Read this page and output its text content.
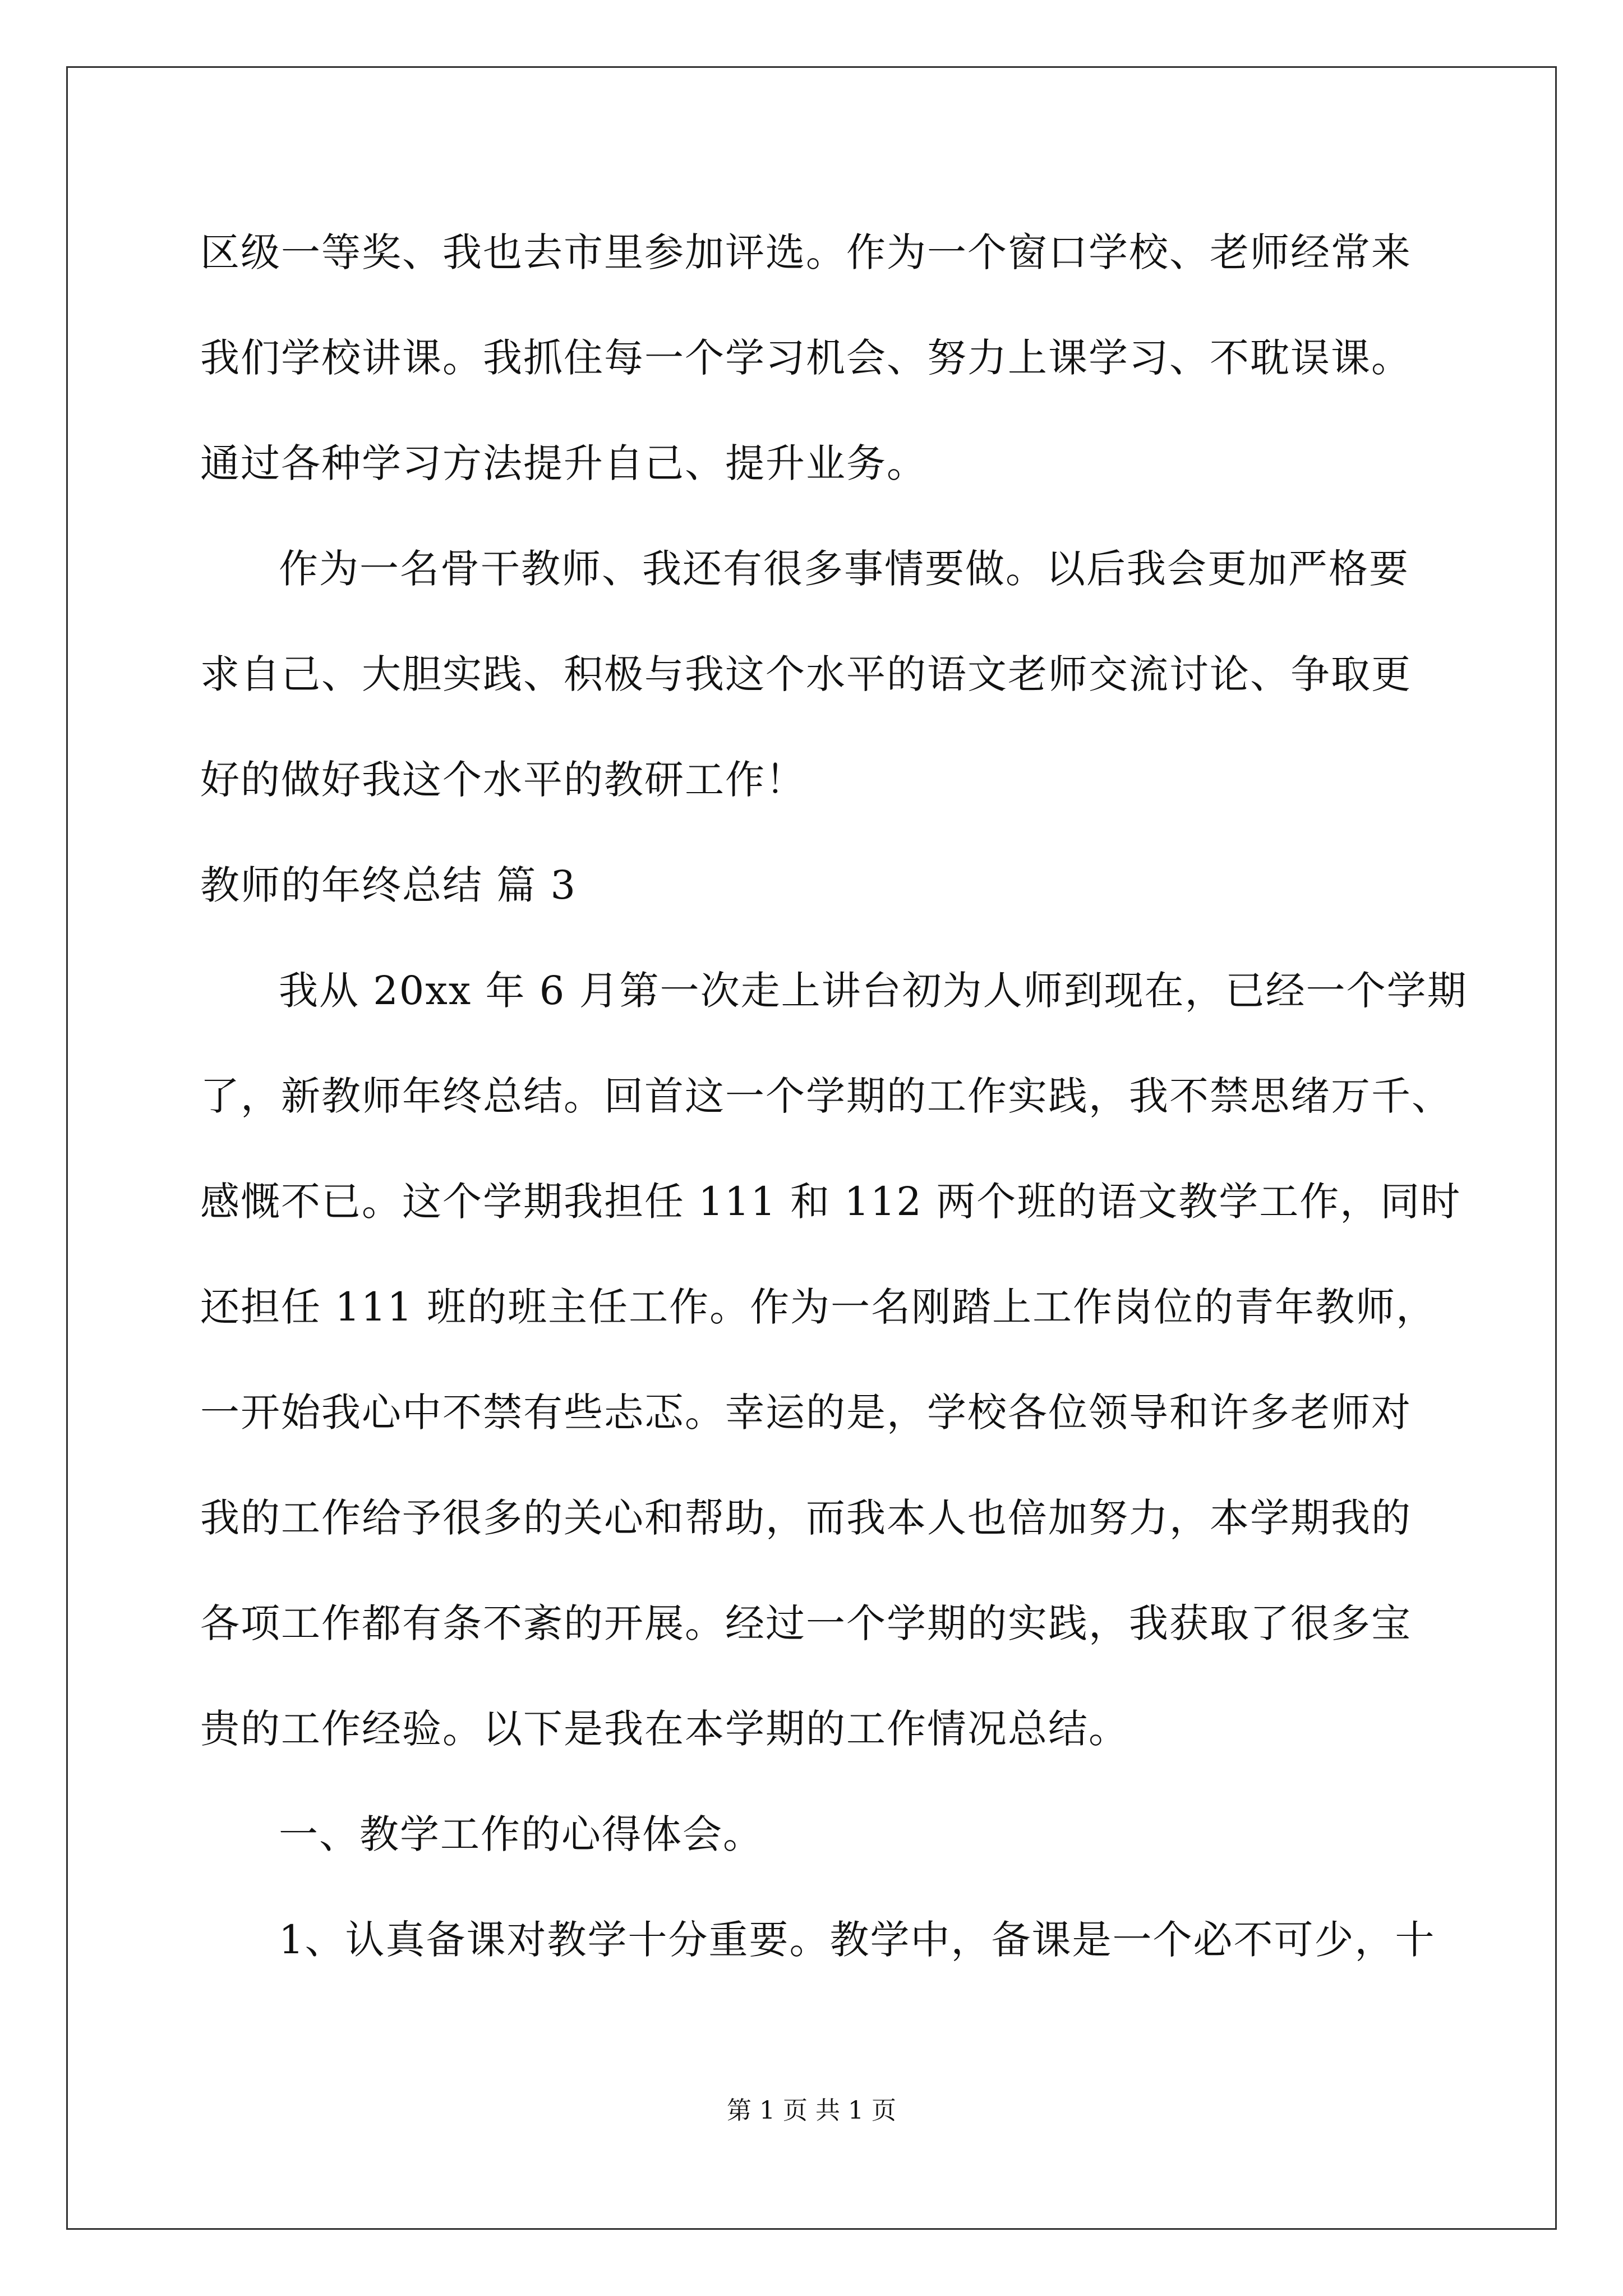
区级一等奖、我也去市里参加评选。作为一个窗口学校、老师经常来
我们学校讲课。我抓住每一个学习机会、努力上课学习、不耽误课。
通过各种学习方法提升自己、提升业务。
作为一名骨干教师、我还有很多事情要做。以后我会更加严格要
求自己、大胆实践、积极与我这个水平的语文老师交流讨论、争取更
好的做好我这个水平的教研工作！
教师的年终总结 篇 3
我从 20xx 年 6 月第一次走上讲台初为人师到现在，已经一个学期
了，新教师年终总结。回首这一个学期的工作实践，我不禁思绪万千、
感慨不已。这个学期我担任 111 和 112 两个班的语文教学工作，同时
还担任 111 班的班主任工作。作为一名刚踏上工作岗位的青年教师，
一开始我心中不禁有些忐忑。幸运的是，学校各位领导和许多老师对
我的工作给予很多的关心和帮助，而我本人也倍加努力，本学期我的
各项工作都有条不紊的开展。经过一个学期的实践，我获取了很多宝
贵的工作经验。以下是我在本学期的工作情况总结。
一、教学工作的心得体会。
1、认真备课对教学十分重要。教学中，备课是一个必不可少，十
第 1 页 共 1 页
